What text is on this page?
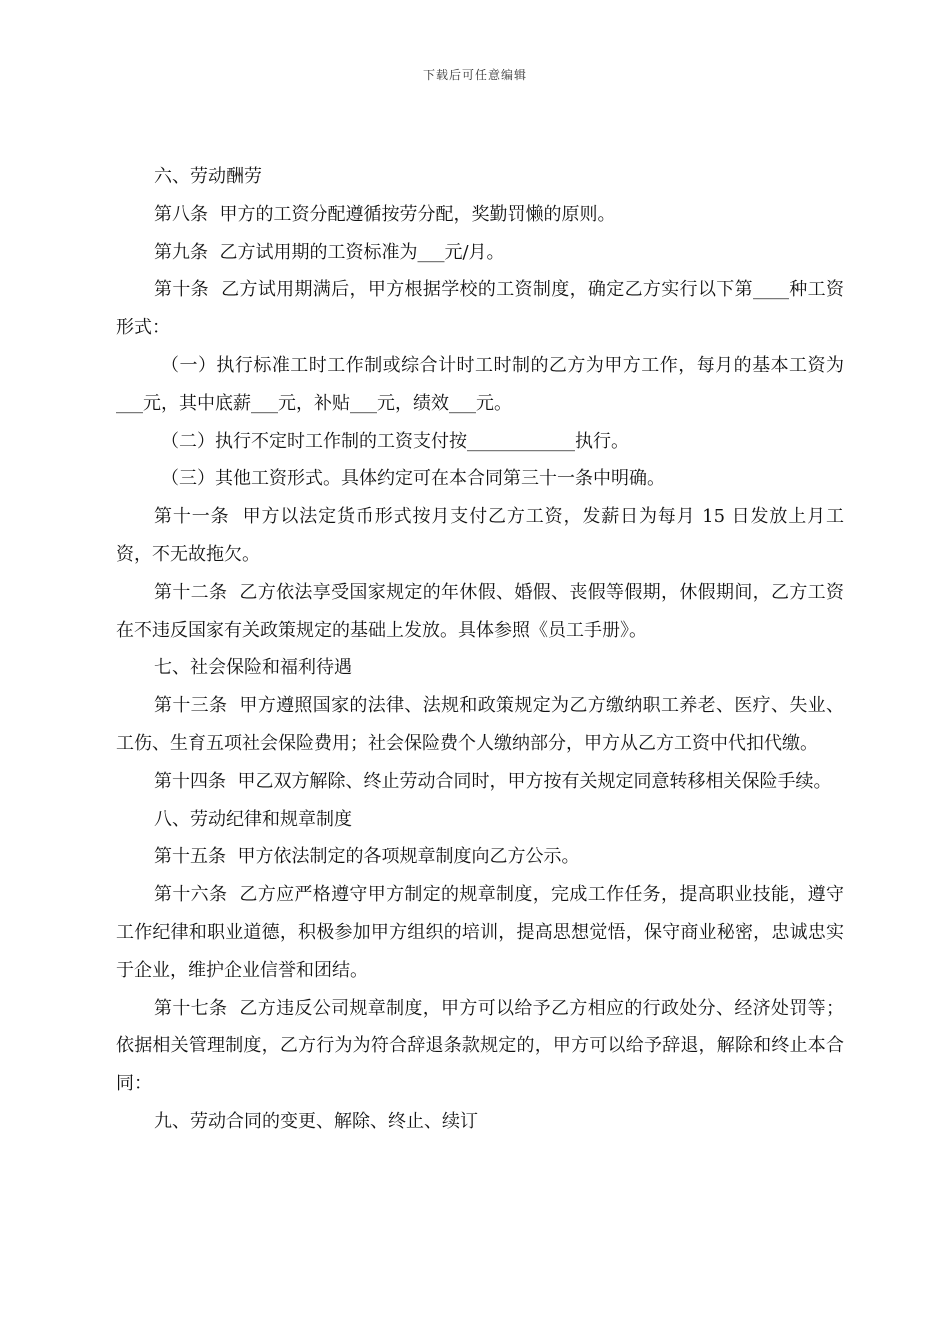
下载后可任意编辑

六、劳动酬劳

第八条  甲方的工资分配遵循按劳分配，奖勤罚懒的原则。

第九条  乙方试用期的工资标准为___元/月。

第十条  乙方试用期满后，甲方根据学校的工资制度，确定乙方实行以下第____种工资形式：

（一）执行标准工时工作制或综合计时工时制的乙方为甲方工作，每月的基本工资为___元，其中底薪___元，补贴___元，绩效___元。

（二）执行不定时工作制的工资支付按____________执行。

（三）其他工资形式。具体约定可在本合同第三十一条中明确。

第十一条  甲方以法定货币形式按月支付乙方工资，发薪日为每月 15 日发放上月工资，不无故拖欠。

第十二条  乙方依法享受国家规定的年休假、婚假、丧假等假期，休假期间，乙方工资在不违反国家有关政策规定的基础上发放。具体参照《员工手册》。

七、社会保险和福利待遇

第十三条  甲方遵照国家的法律、法规和政策规定为乙方缴纳职工养老、医疗、失业、工伤、生育五项社会保险费用；社会保险费个人缴纳部分，甲方从乙方工资中代扣代缴。

第十四条  甲乙双方解除、终止劳动合同时，甲方按有关规定同意转移相关保险手续。

八、劳动纪律和规章制度

第十五条  甲方依法制定的各项规章制度向乙方公示。

第十六条  乙方应严格遵守甲方制定的规章制度，完成工作任务，提高职业技能，遵守工作纪律和职业道德，积极参加甲方组织的培训，提高思想觉悟，保守商业秘密，忠诚忠实于企业，维护企业信誉和团结。

第十七条  乙方违反公司规章制度，甲方可以给予乙方相应的行政处分、经济处罚等；依据相关管理制度，乙方行为为符合辞退条款规定的，甲方可以给予辞退，解除和终止本合同：

九、劳动合同的变更、解除、终止、续订
